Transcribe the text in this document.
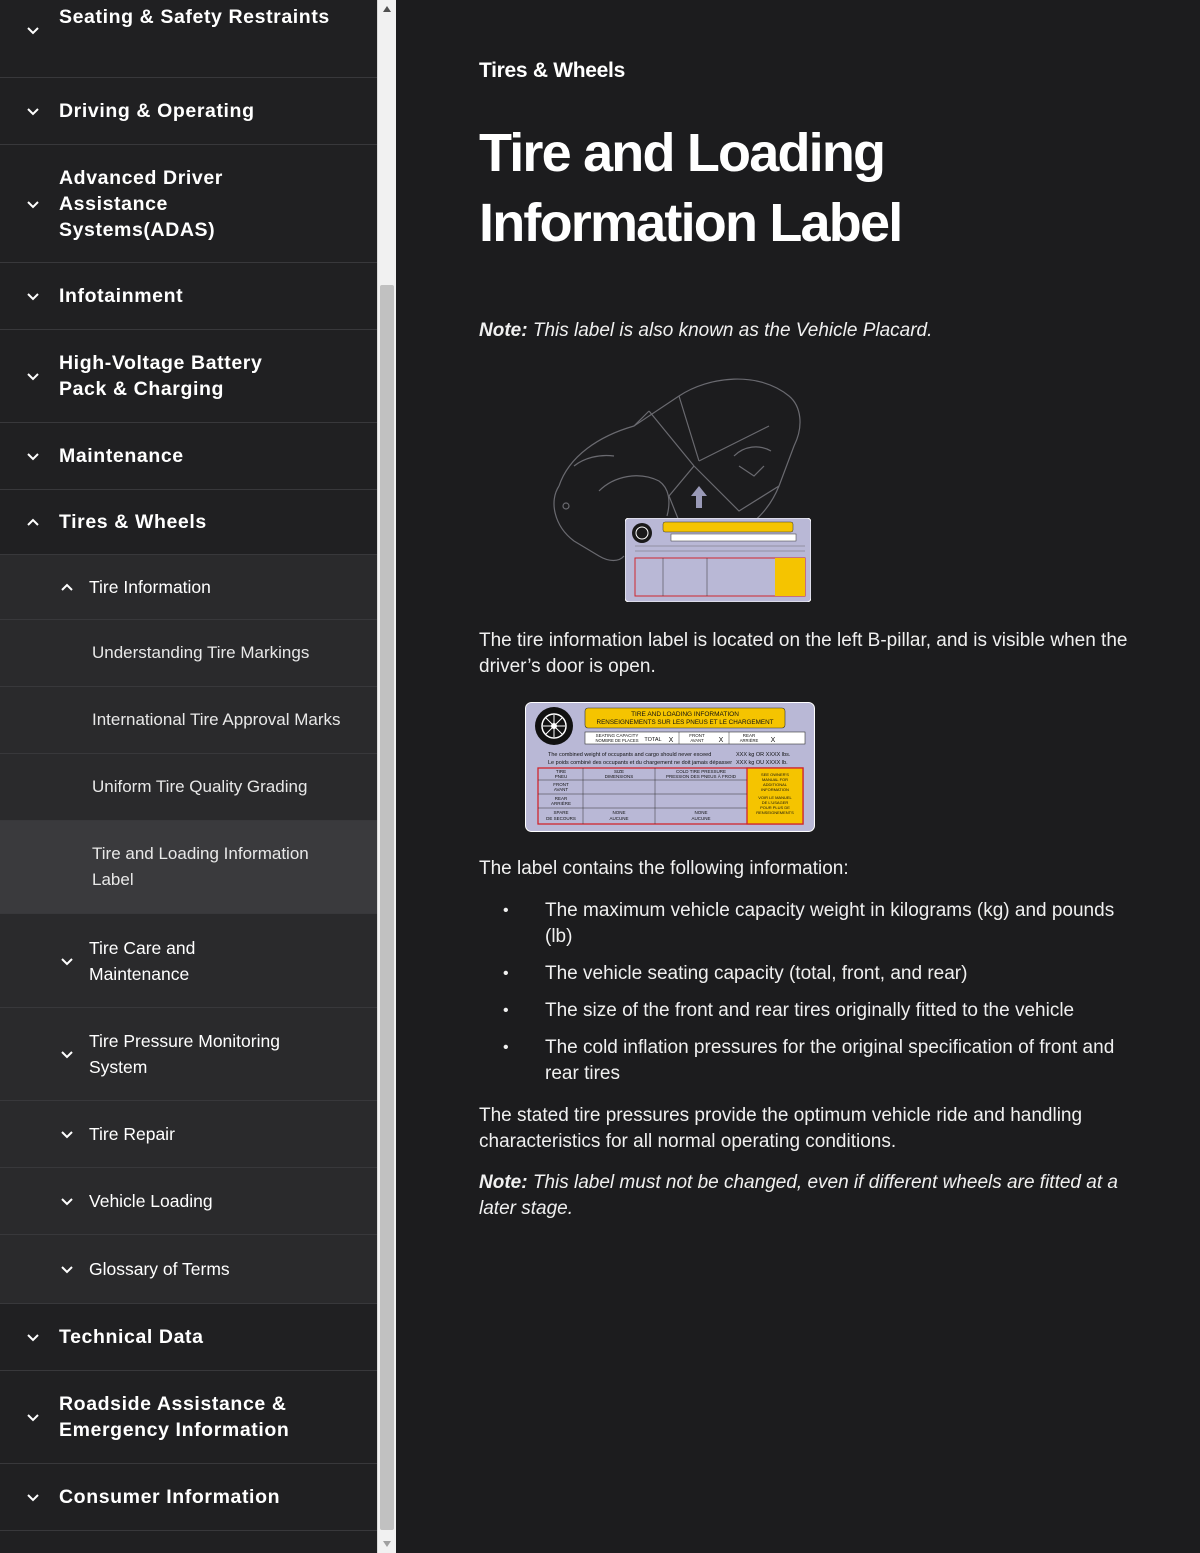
Seating & Safety Restraints
Driving & Operating
Advanced Driver Assistance Systems(ADAS)
Infotainment
High-Voltage Battery Pack & Charging
Maintenance
Tires & Wheels
Tire Information
Understanding Tire Markings
International Tire Approval Marks
Uniform Tire Quality Grading
Tire and Loading Information Label
Tire Care and Maintenance
Tire Pressure Monitoring System
Tire Repair
Vehicle Loading
Glossary of Terms
Technical Data
Roadside Assistance & Emergency Information
Consumer Information
Tires & Wheels
Tire and Loading Information Label

Note: This label is also known as the Vehicle Placard.

The tire information label is located on the left B-pillar, and is visible when the driver’s door is open.

TIRE AND LOADING INFORMATION
RENSEIGNEMENTS SUR LES PNEUS ET LE CHARGEMENT
SEATING CAPACITY
NOMBRE DE PLACES TOTAL X
FRONT
AVANT X
REAR
ARRIÈRE X
The combined weight of occupants and cargo should never exceed
Le poids combiné des occupants et du chargement ne doit jamais dépasser
XXX kg OR XXXX lbs.
XXX kg OU XXXX lb.
TIRE
PNEU
SIZE
DIMENSIONS
COLD TIRE PRESSURE
PRESSION DES PNEUS À FROID
FRONT
AVANT
REAR
ARRIÈRE
SPARE
DE SECOURS
NONE
AUCUNE
NONE
AUCUNE
SEE OWNER'S
MANUAL FOR
ADDITIONAL
INFORMATION
VOIR LE MANUEL
DE L'USAGER
POUR PLUS DE
RENSEIGNEMENTS

The label contains the following information:

• The maximum vehicle capacity weight in kilograms (kg) and pounds (lb)
• The vehicle seating capacity (total, front, and rear)
• The size of the front and rear tires originally fitted to the vehicle
• The cold inflation pressures for the original specification of front and rear tires

The stated tire pressures provide the optimum vehicle ride and handling characteristics for all normal operating conditions.

Note: This label must not be changed, even if different wheels are fitted at a later stage.
